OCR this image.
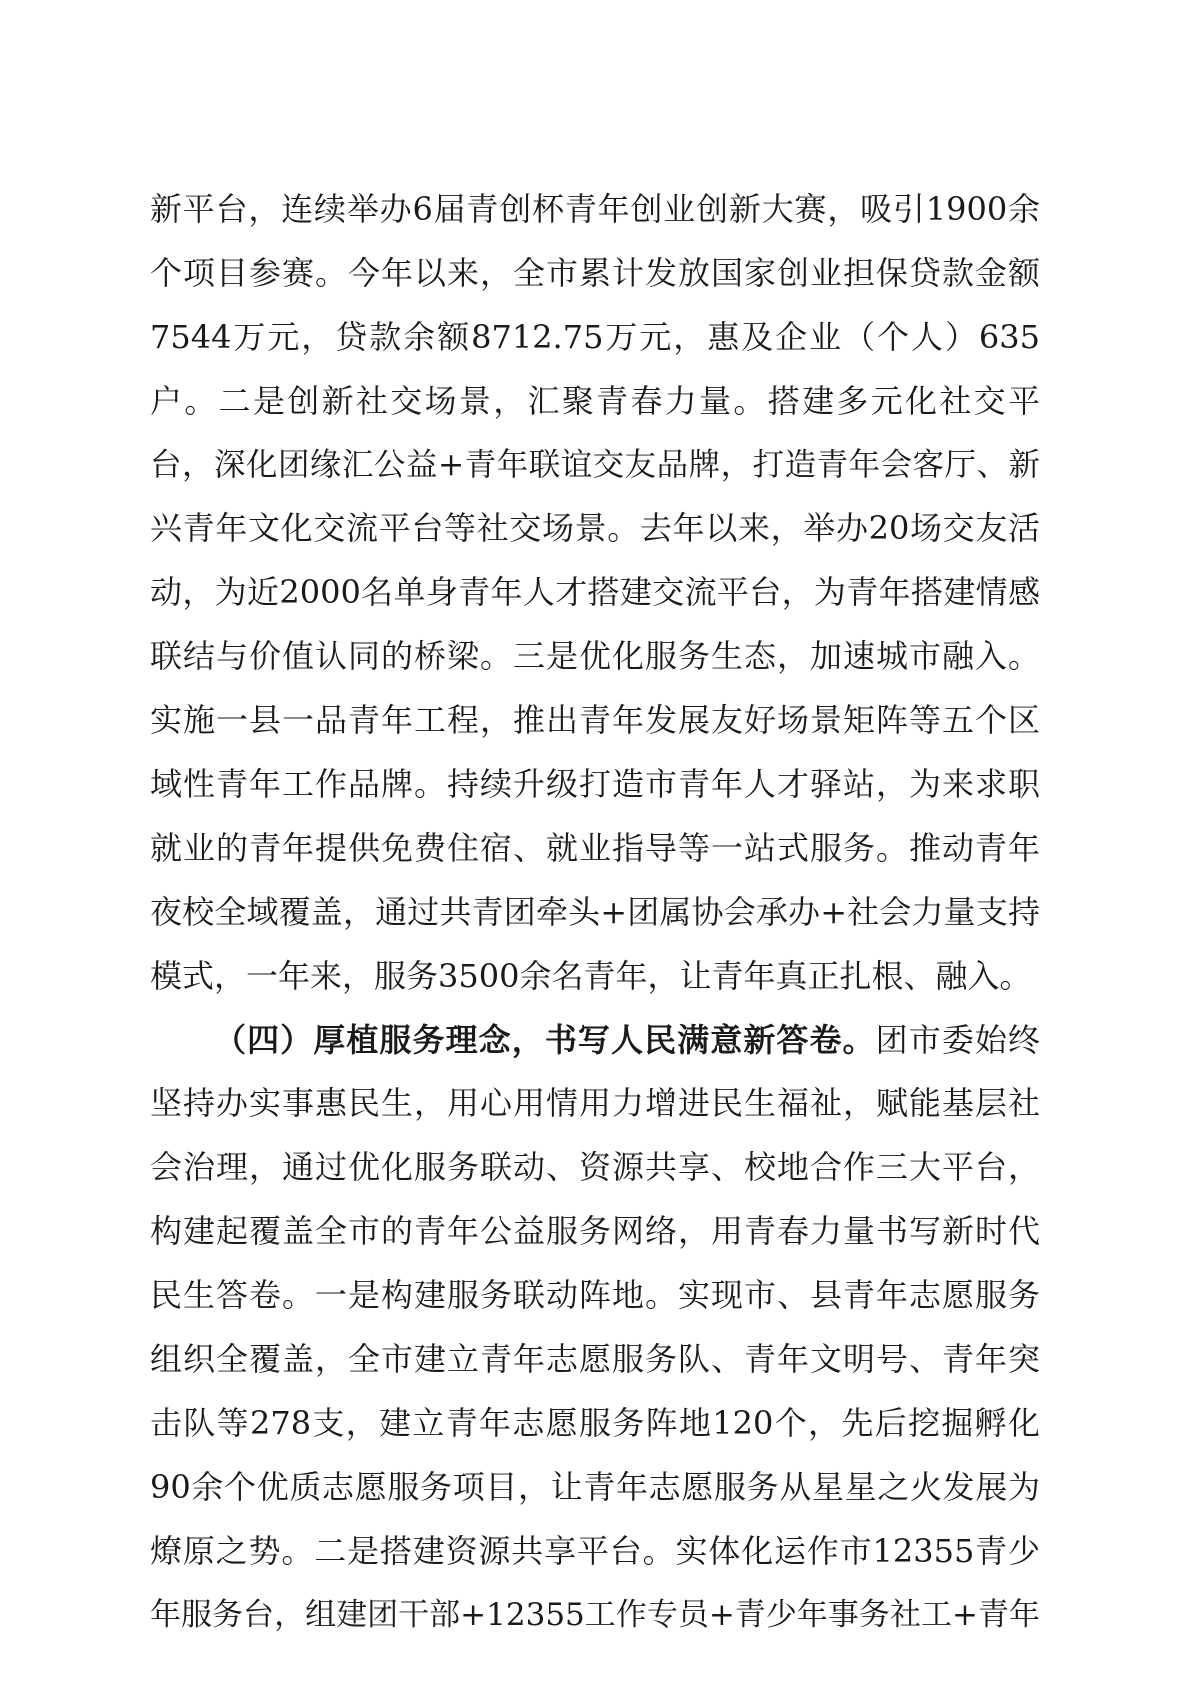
新平台，连续举办6届青创杯青年创业创新大赛，吸引1900余
个项目参赛。今年以来，全市累计发放国家创业担保贷款金额
7544万元，贷款余额8712.75万元，惠及企业（个人）635
户。二是创新社交场景，汇聚青春力量。搭建多元化社交平
台，深化团缘汇公益+青年联谊交友品牌，打造青年会客厅、新
兴青年文化交流平台等社交场景。去年以来，举办20场交友活
动，为近2000名单身青年人才搭建交流平台，为青年搭建情感
联结与价值认同的桥梁。三是优化服务生态，加速城市融入。
实施一县一品青年工程，推出青年发展友好场景矩阵等五个区
域性青年工作品牌。持续升级打造市青年人才驿站，为来求职
就业的青年提供免费住宿、就业指导等一站式服务。推动青年
夜校全域覆盖，通过共青团牵头+团属协会承办+社会力量支持
模式，一年来，服务3500余名青年，让青年真正扎根、融入。
（四）厚植服务理念，书写人民满意新答卷。团市委始终
坚持办实事惠民生，用心用情用力增进民生福祉，赋能基层社
会治理，通过优化服务联动、资源共享、校地合作三大平台，
构建起覆盖全市的青年公益服务网络，用青春力量书写新时代
民生答卷。一是构建服务联动阵地。实现市、县青年志愿服务
组织全覆盖，全市建立青年志愿服务队、青年文明号、青年突
击队等278支，建立青年志愿服务阵地120个，先后挖掘孵化
90余个优质志愿服务项目，让青年志愿服务从星星之火发展为
燎原之势。二是搭建资源共享平台。实体化运作市12355青少
年服务台，组建团干部+12355工作专员+青少年事务社工+青年
